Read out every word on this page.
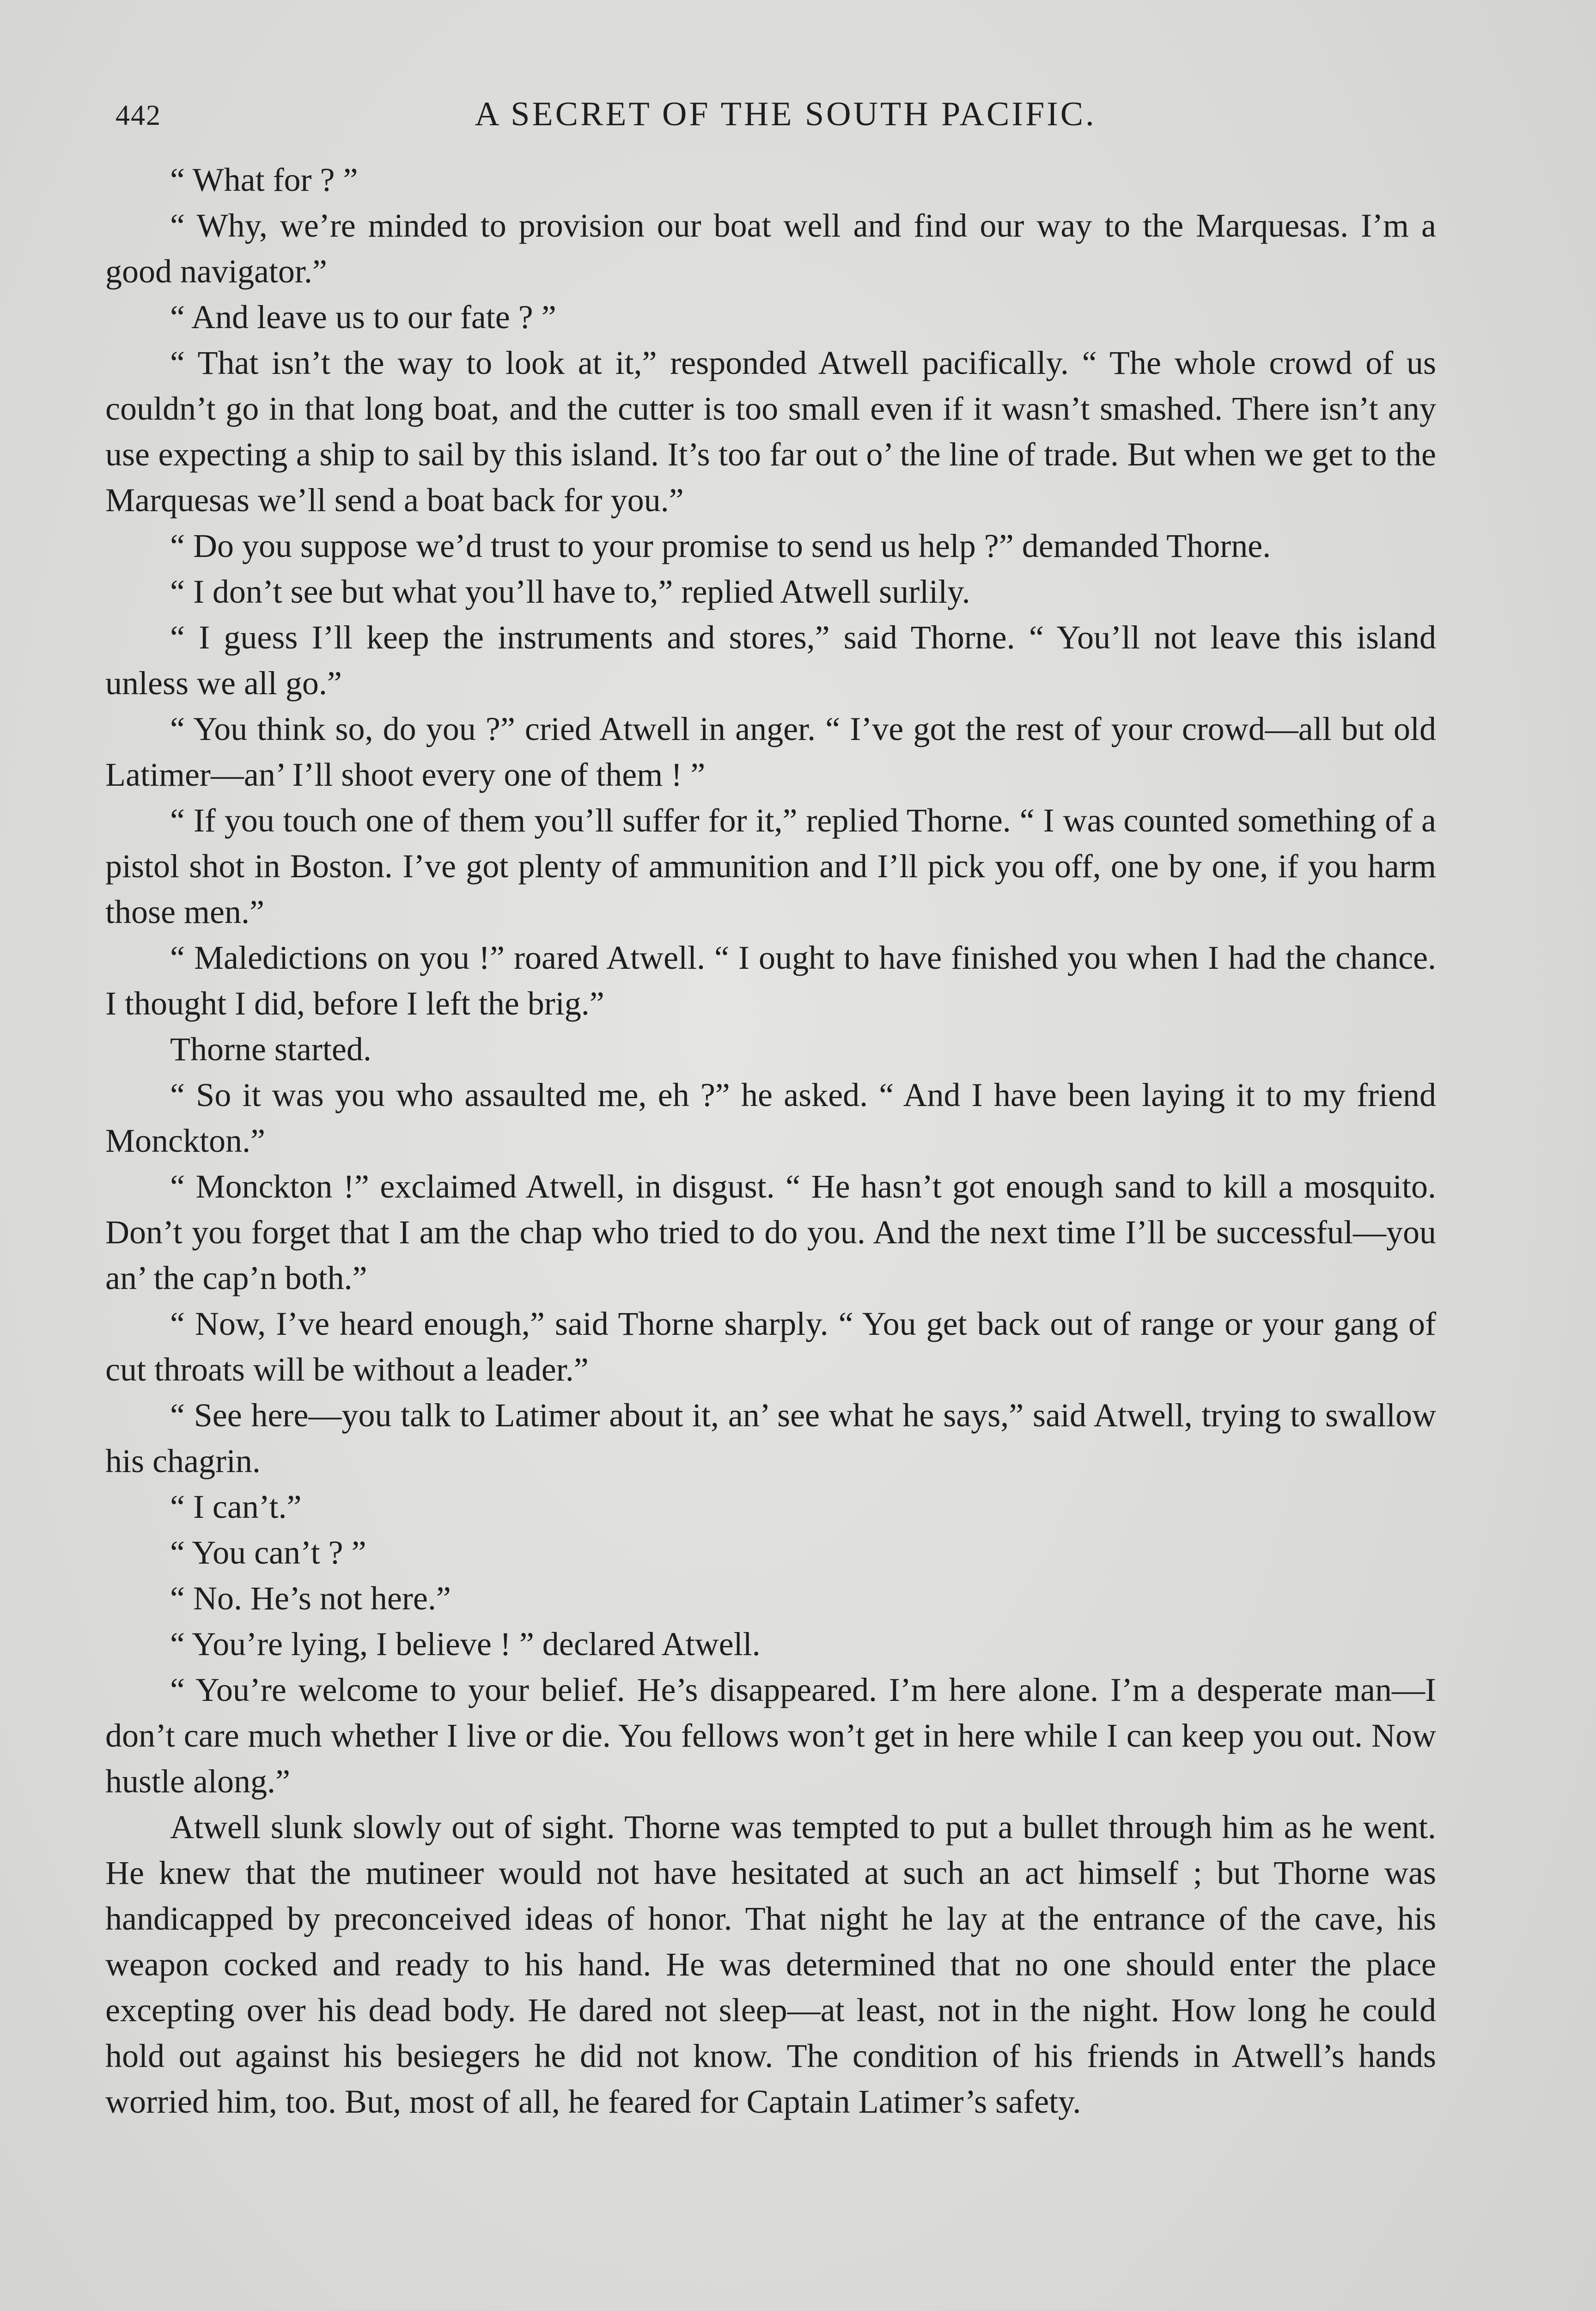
442	A SECRET OF THE SOUTH PACIFIC.

“ What for ? ”

“ Why, we’re minded to provision our boat well and find our way to the Marquesas. I’m a good navigator.”

“ And leave us to our fate ? ”

“ That isn’t the way to look at it,” responded Atwell pacifically. “ The whole crowd of us couldn’t go in that long boat, and the cutter is too small even if it wasn’t smashed. There isn’t any use expecting a ship to sail by this island. It’s too far out o’ the line of trade. But when we get to the Marquesas we’ll send a boat back for you.”

“ Do you suppose we’d trust to your promise to send us help ?” demanded Thorne.

“ I don’t see but what you’ll have to,” replied Atwell surlily.

“ I guess I’ll keep the instruments and stores,” said Thorne. “ You’ll not leave this island unless we all go.”

“ You think so, do you ?” cried Atwell in anger. “ I’ve got the rest of your crowd—all but old Latimer—an’ I’ll shoot every one of them ! ”

“ If you touch one of them you’ll suffer for it,” replied Thorne. “ I was counted something of a pistol shot in Boston. I’ve got plenty of ammunition and I’ll pick you off, one by one, if you harm those men.”

“ Maledictions on you !” roared Atwell. “ I ought to have finished you when I had the chance. I thought I did, before I left the brig.”

Thorne started.

“ So it was you who assaulted me, eh ?” he asked. “ And I have been laying it to my friend Monckton.”

“ Monckton !” exclaimed Atwell, in disgust. “ He hasn’t got enough sand to kill a mosquito. Don’t you forget that I am the chap who tried to do you. And the next time I’ll be successful—you an’ the cap’n both.”

“ Now, I’ve heard enough,” said Thorne sharply. “ You get back out of range or your gang of cut throats will be without a leader.”

“ See here—you talk to Latimer about it, an’ see what he says,” said Atwell, trying to swallow his chagrin.

“ I can’t.”

“ You can’t ? ”

“ No. He’s not here.”

“ You’re lying, I believe ! ” declared Atwell.

“ You’re welcome to your belief. He’s disappeared. I’m here alone. I’m a desperate man—I don’t care much whether I live or die. You fellows won’t get in here while I can keep you out. Now hustle along.”

Atwell slunk slowly out of sight. Thorne was tempted to put a bullet through him as he went. He knew that the mutineer would not have hesitated at such an act himself ; but Thorne was handicapped by preconceived ideas of honor. That night he lay at the entrance of the cave, his weapon cocked and ready to his hand. He was determined that no one should enter the place excepting over his dead body. He dared not sleep—at least, not in the night. How long he could hold out against his besiegers he did not know. The condition of his friends in Atwell’s hands worried him, too. But, most of all, he feared for Captain Latimer’s safety.
